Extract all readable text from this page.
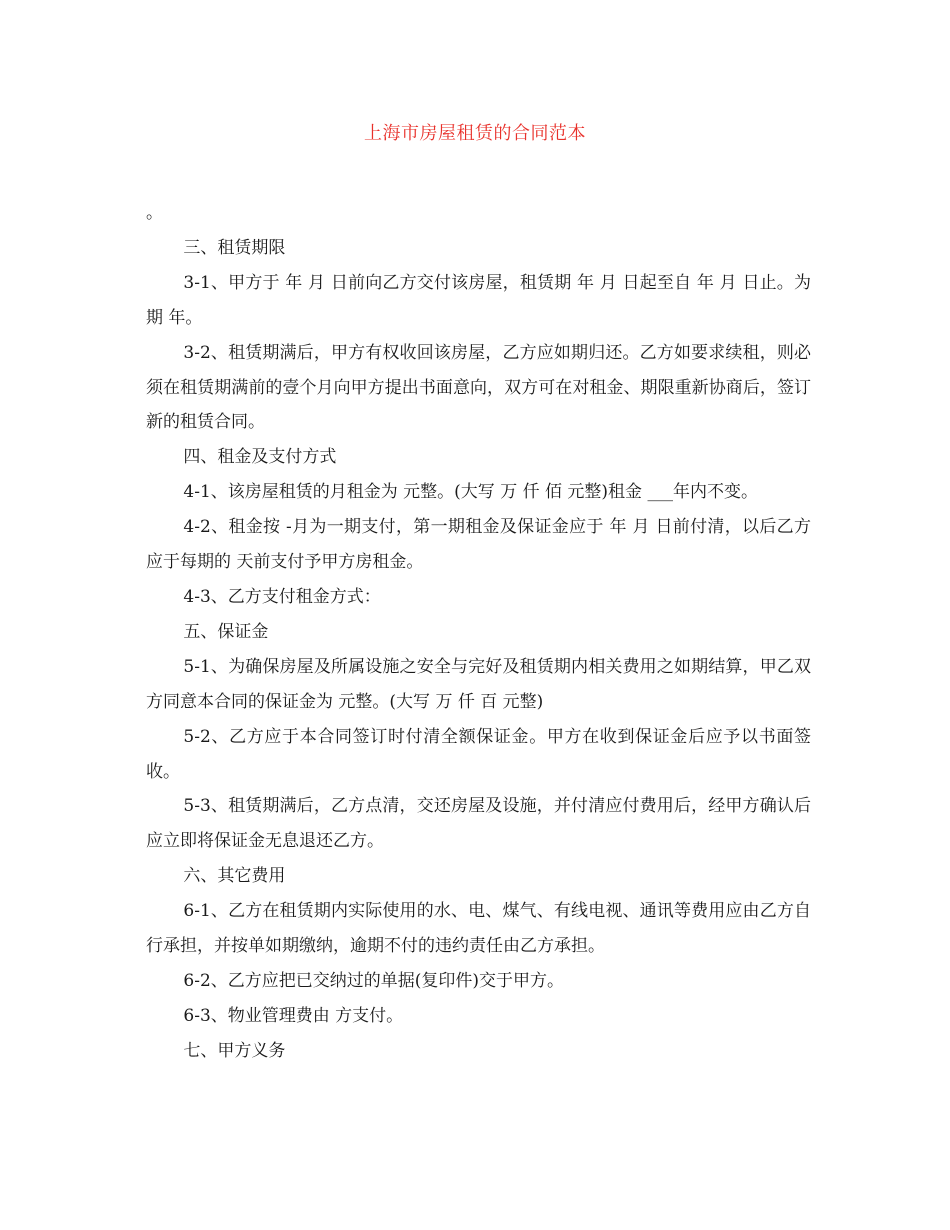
上海市房屋租赁的合同范本

。

三、租赁期限

3-1、甲方于 年 月 日前向乙方交付该房屋，租赁期 年 月 日起至自 年 月 日止。为期 年。

3-2、租赁期满后，甲方有权收回该房屋，乙方应如期归还。乙方如要求续租，则必须在租赁期满前的壹个月向甲方提出书面意向，双方可在对租金、期限重新协商后，签订新的租赁合同。

四、租金及支付方式

4-1、该房屋租赁的月租金为 元整。(大写 万 仟 佰 元整)租金 ___年内不变。

4-2、租金按 -月为一期支付，第一期租金及保证金应于 年 月 日前付清，以后乙方应于每期的 天前支付予甲方房租金。

4-3、乙方支付租金方式：

五、保证金

5-1、为确保房屋及所属设施之安全与完好及租赁期内相关费用之如期结算，甲乙双方同意本合同的保证金为 元整。(大写 万 仟 百 元整)

5-2、乙方应于本合同签订时付清全额保证金。甲方在收到保证金后应予以书面签收。

5-3、租赁期满后，乙方点清，交还房屋及设施，并付清应付费用后，经甲方确认后应立即将保证金无息退还乙方。

六、其它费用

6-1、乙方在租赁期内实际使用的水、电、煤气、有线电视、通讯等费用应由乙方自行承担，并按单如期缴纳，逾期不付的违约责任由乙方承担。

6-2、乙方应把已交纳过的单据(复印件)交于甲方。

6-3、物业管理费由 方支付。

七、甲方义务
